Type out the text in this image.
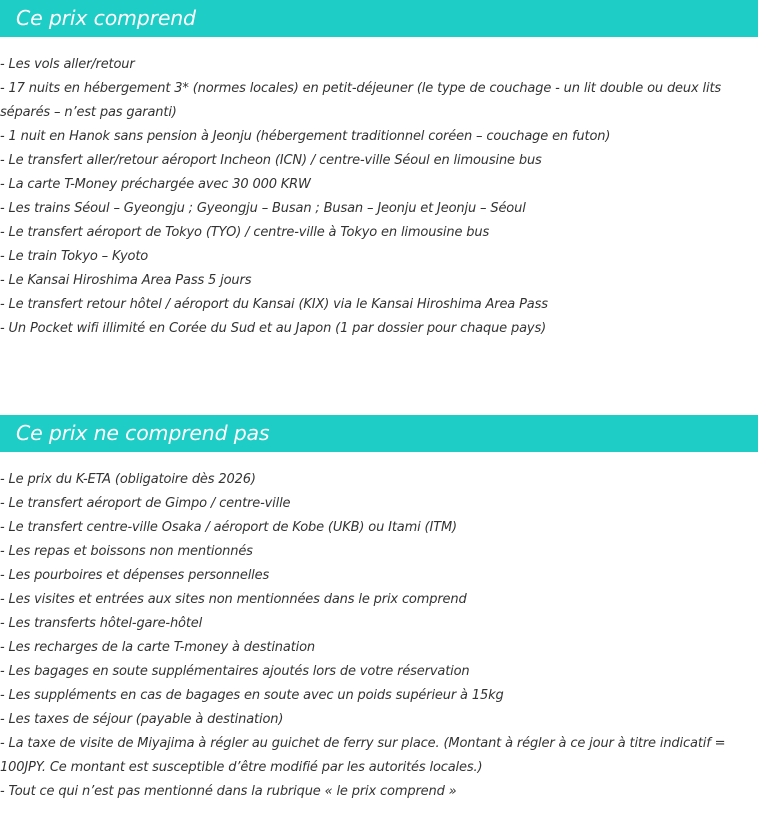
Ce prix comprend
- Les vols aller/retour
- 17 nuits en hébergement 3* (normes locales) en petit-déjeuner (le type de couchage - un lit double ou deux lits séparés – n’est pas garanti)
- 1 nuit en Hanok sans pension à Jeonju (hébergement traditionnel coréen – couchage en futon)
- Le transfert aller/retour aéroport Incheon (ICN) / centre-ville Séoul en limousine bus
- La carte T-Money préchargée avec 30 000 KRW
- Les trains Séoul – Gyeongju ; Gyeongju – Busan ; Busan – Jeonju et Jeonju – Séoul
- Le transfert aéroport de Tokyo (TYO) / centre-ville à Tokyo en limousine bus
- Le train Tokyo – Kyoto
- Le Kansai Hiroshima Area Pass 5 jours
- Le transfert retour hôtel / aéroport du Kansai (KIX) via le Kansai Hiroshima Area Pass
- Un Pocket wifi illimité en Corée du Sud et au Japon (1 par dossier pour chaque pays)
Ce prix ne comprend pas
- Le prix du K-ETA (obligatoire dès 2026)
- Le transfert aéroport de Gimpo / centre-ville
- Le transfert centre-ville Osaka / aéroport de Kobe (UKB) ou Itami (ITM)
- Les repas et boissons non mentionnés
- Les pourboires et dépenses personnelles
- Les visites et entrées aux sites non mentionnées dans le prix comprend
- Les transferts hôtel-gare-hôtel
- Les recharges de la carte T-money à destination
- Les bagages en soute supplémentaires ajoutés lors de votre réservation
- Les suppléments en cas de bagages en soute avec un poids supérieur à 15kg
- Les taxes de séjour (payable à destination)
- La taxe de visite de Miyajima à régler au guichet de ferry sur place. (Montant à régler à ce jour à titre indicatif = 100JPY. Ce montant est susceptible d’être modifié par les autorités locales.)
- Tout ce qui n’est pas mentionné dans la rubrique « le prix comprend »
